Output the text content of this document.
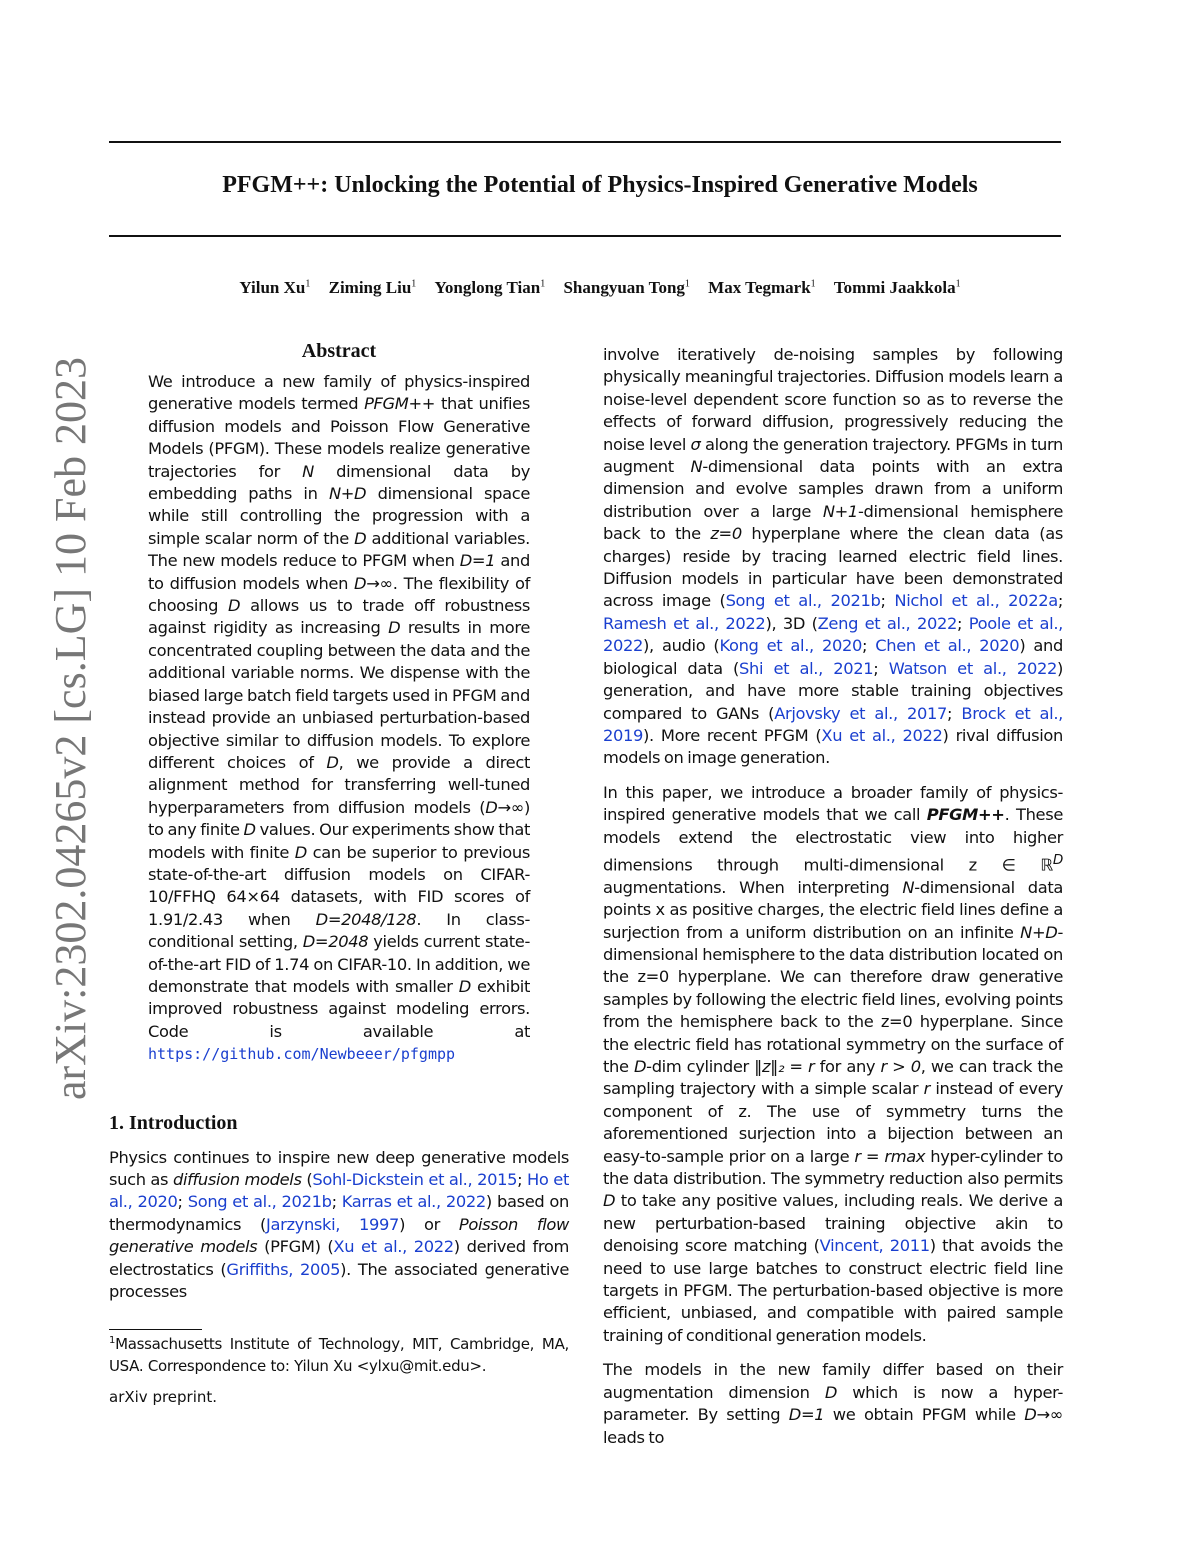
PFGM++: Unlocking the Potential of Physics-Inspired Generative Models
Yilun Xu$^1$ Ziming Liu$^1$ Yonglong Tian$^1$ Shangyuan Tong$^1$ Max Tegmark$^1$ Tommi Jaakkola$^1$
arXiv:2302.04265v2 [cs.LG] 10 Feb 2023
Abstract

We introduce a new family of physics-inspired generative models termed PFGM++ that unifies diffusion models and Poisson Flow Generative Models (PFGM). These models realize generative trajectories for N dimensional data by embedding paths in N+D dimensional space while still controlling the progression with a simple scalar norm of the D additional variables. The new models reduce to PFGM when D=1 and to diffusion models when D→∞. The flexibility of choosing D allows us to trade off robustness against rigidity as increasing D results in more concentrated coupling between the data and the additional variable norms. We dispense with the biased large batch field targets used in PFGM and instead provide an unbiased perturbation-based objective similar to diffusion models. To explore different choices of D, we provide a direct alignment method for transferring well-tuned hyperparameters from diffusion models (D→∞) to any finite D values. Our experiments show that models with finite D can be superior to previous state-of-the-art diffusion models on CIFAR-10/FFHQ 64×64 datasets, with FID scores of 1.91/2.43 when D=2048/128. In class-conditional setting, D=2048 yields current state-of-the-art FID of 1.74 on CIFAR-10. In addition, we demonstrate that models with smaller D exhibit improved robustness against modeling errors. Code is available at https://github.com/Newbeeer/pfgmpp

1. Introduction

Physics continues to inspire new deep generative models such as diffusion models (Sohl-Dickstein et al., 2015; Ho et al., 2020; Song et al., 2021b; Karras et al., 2022) based on thermodynamics (Jarzynski, 1997) or Poisson flow generative models (PFGM) (Xu et al., 2022) derived from electrostatics (Griffiths, 2005). The associated generative processes

$^1$Massachusetts Institute of Technology, MIT, Cambridge, MA, USA. Correspondence to: Yilun Xu <ylxu@mit.edu>.

arXiv preprint.

involve iteratively de-noising samples by following physically meaningful trajectories. Diffusion models learn a noise-level dependent score function so as to reverse the effects of forward diffusion, progressively reducing the noise level σ along the generation trajectory. PFGMs in turn augment N-dimensional data points with an extra dimension and evolve samples drawn from a uniform distribution over a large N+1-dimensional hemisphere back to the z=0 hyperplane where the clean data (as charges) reside by tracing learned electric field lines. Diffusion models in particular have been demonstrated across image (Song et al., 2021b; Nichol et al., 2022a; Ramesh et al., 2022), 3D (Zeng et al., 2022; Poole et al., 2022), audio (Kong et al., 2020; Chen et al., 2020) and biological data (Shi et al., 2021; Watson et al., 2022) generation, and have more stable training objectives compared to GANs (Arjovsky et al., 2017; Brock et al., 2019). More recent PFGM (Xu et al., 2022) rival diffusion models on image generation.

In this paper, we introduce a broader family of physics-inspired generative models that we call PFGM++. These models extend the electrostatic view into higher dimensions through multi-dimensional z ∈ ℝ$^D$ augmentations. When interpreting N-dimensional data points x as positive charges, the electric field lines define a surjection from a uniform distribution on an infinite N+D-dimensional hemisphere to the data distribution located on the z=0 hyperplane. We can therefore draw generative samples by following the electric field lines, evolving points from the hemisphere back to the z=0 hyperplane. Since the electric field has rotational symmetry on the surface of the D-dim cylinder ‖z‖₂ = r for any r > 0, we can track the sampling trajectory with a simple scalar r instead of every component of z. The use of symmetry turns the aforementioned surjection into a bijection between an easy-to-sample prior on a large r = rmax hyper-cylinder to the data distribution. The symmetry reduction also permits D to take any positive values, including reals. We derive a new perturbation-based training objective akin to denoising score matching (Vincent, 2011) that avoids the need to use large batches to construct electric field line targets in PFGM. The perturbation-based objective is more efficient, unbiased, and compatible with paired sample training of conditional generation models.

The models in the new family differ based on their augmentation dimension D which is now a hyper-parameter. By setting D=1 we obtain PFGM while D→∞ leads to
